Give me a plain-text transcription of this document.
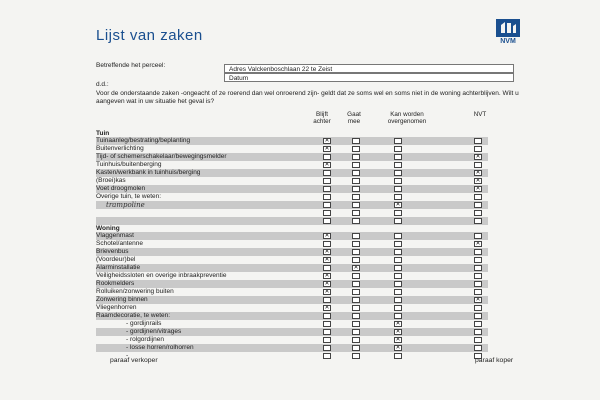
Lijst van zaken	NVM
Betreffende het perceel:
Adres Valckenboschlaan 22 te Zeist
d.d.:
Datum
Voor de onderstaande zaken -ongeacht of ze roerend dan wel onroerend zijn- geldt dat ze soms wel en soms niet in de woning achterblijven. Wilt u aangeven wat in uw situatie het geval is?
Blijft achter
Gaat mee
Kan worden overgenomen
NVT
Tuin
Tuinaanleg/bestrating/beplanting
✕
Buitenverlichting
✕
Tijd- of schemerschakelaar/bewegingsmelder
✕
Tuinhuis/buitenberging
✕
Kasten/werkbank in tuinhuis/berging
✕
(Broei)kas
✕
Voet droogmolen
✕
Overige tuin, te weten:
trampoline
✕
Woning
Vlaggenmast
✕
Schotel/antenne
✕
Brievenbus
✕
(Voordeur)bel
✕
Alarminstallatie
✕
Veiligheidssloten en overige inbraakpreventie
✕
Rookmelders
✕
Rolluiken/zonwering buiten
✕
Zonwering binnen
✕
Vliegenhorren
✕
Raamdecoratie, te weten:
- gordijnrails
✕
- gordijnen/vitrages
✕
- rolgordijnen
✕
- losse horren/rolhorren
✕
-
paraaf verkoper	paraaf koper
